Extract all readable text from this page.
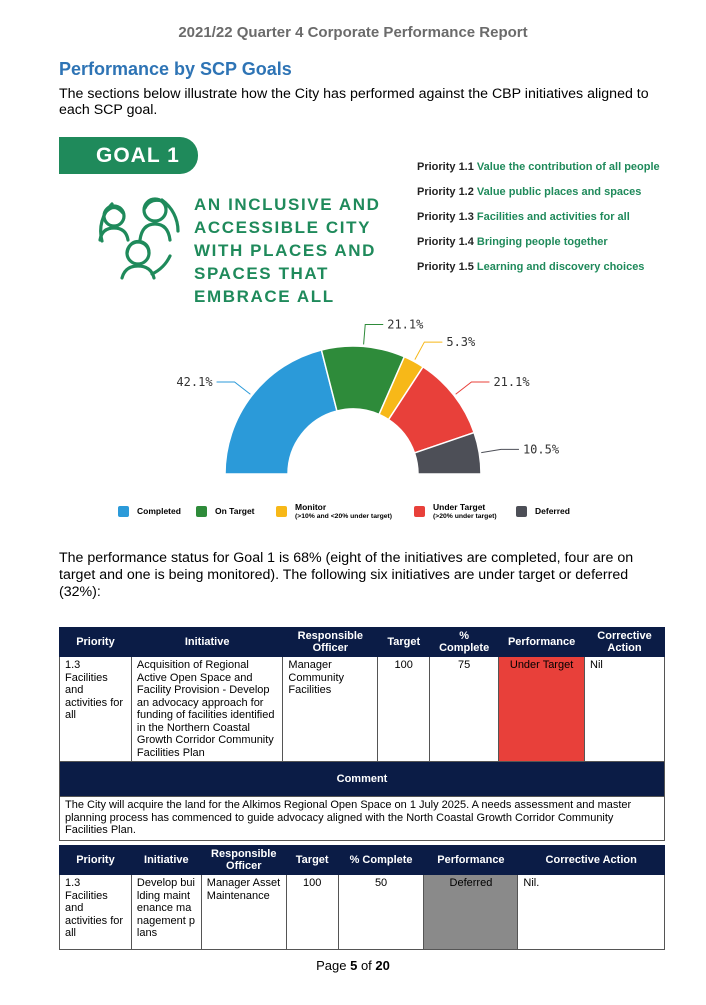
2021/22 Quarter 4 Corporate Performance Report
Performance by SCP Goals
The sections below illustrate how the City has performed against the CBP initiatives aligned to each SCP goal.
GOAL 1
AN INCLUSIVE AND ACCESSIBLE CITY WITH PLACES AND SPACES THAT EMBRACE ALL
Priority 1.1 Value the contribution of all people
Priority 1.2 Value public places and spaces
Priority 1.3 Facilities and activities for all
Priority 1.4 Bringing people together
Priority 1.5 Learning and discovery choices
42.1%
21.1%
5.3%
21.1%
10.5%
Completed	On Target	Monitor
(>10% and <20% under target)
Under Target
(>20% under target)
Deferred
The performance status for Goal 1 is 68% (eight of the initiatives are completed, four are on target and one is being monitored). The following six initiatives are under target or deferred (32%):
Priority	Initiative	Responsible Officer	Target	% Complete	Performance	Corrective Action
1.3 Facilities and activities for all	Acquisition of Regional Active Open Space and Facility Provision - Develop an advocacy approach for funding of facilities identified in the Northern Coastal Growth Corridor Community Facilities Plan	Manager Community Facilities	100	75	Under Target	Nil
Comment						
The City will acquire the land for the Alkimos Regional Open Space on 1 July 2025. A needs assessment and master planning process has commenced to guide advocacy aligned with the North Coastal Growth Corridor Community Facilities Plan.						
Priority	Initiative	Responsible Officer	Target	% Complete	Performance	Corrective Action
1.3 Facilities and activities for all	Develop building maintenance management plans	Manager Asset Maintenance	100	50	Deferred	Nil.
Page 5 of 20
